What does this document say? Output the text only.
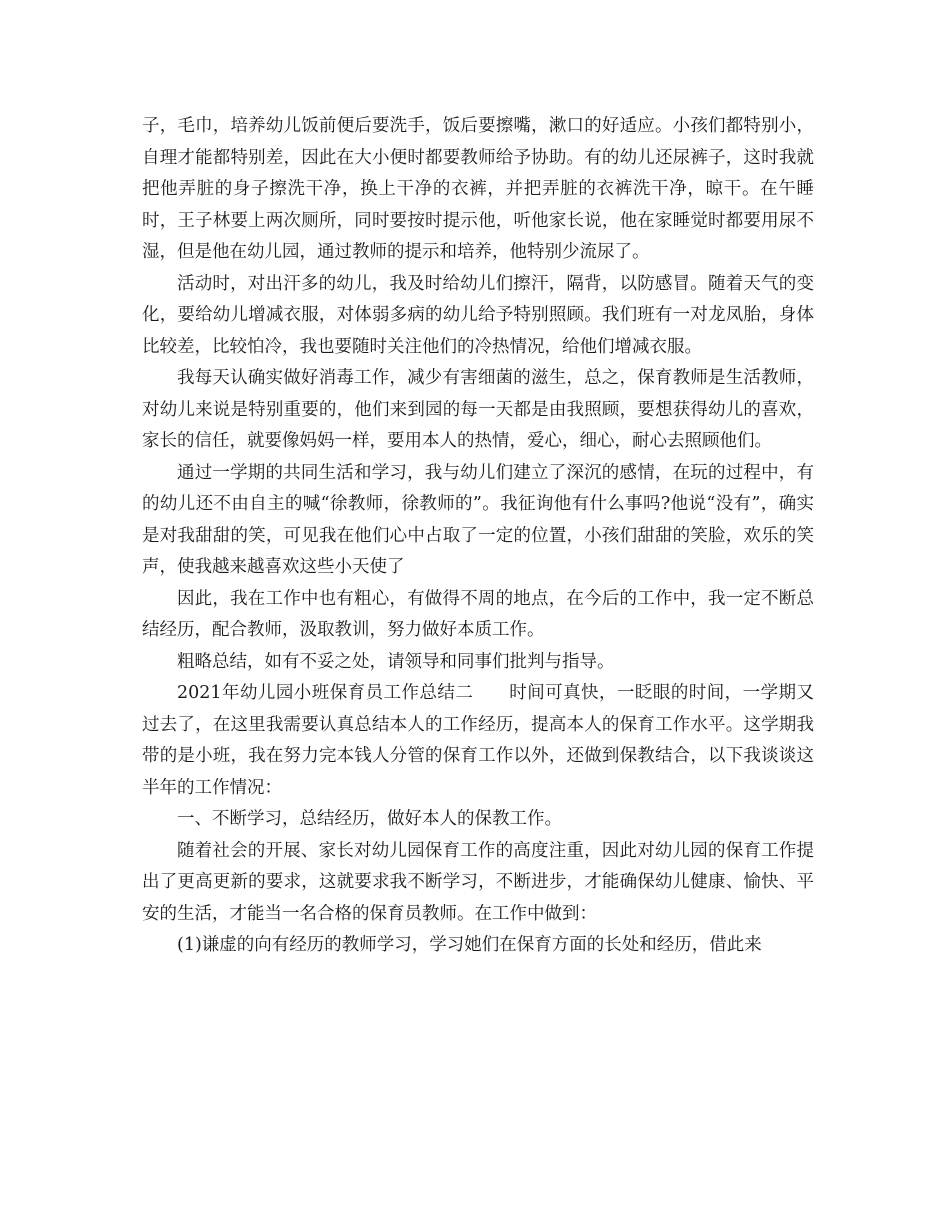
子，毛巾，培养幼儿饭前便后要洗手，饭后要擦嘴，漱口的好适应。小孩们都特别小，自理才能都特别差，因此在大小便时都要教师给予协助。有的幼儿还尿裤子，这时我就把他弄脏的身子擦洗干净，换上干净的衣裤，并把弄脏的衣裤洗干净，晾干。在午睡时，王子林要上两次厕所，同时要按时提示他，听他家长说，他在家睡觉时都要用尿不湿，但是他在幼儿园，通过教师的提示和培养，他特别少流尿了。

活动时，对出汗多的幼儿，我及时给幼儿们擦汗，隔背，以防感冒。随着天气的变化，要给幼儿增减衣服，对体弱多病的幼儿给予特别照顾。我们班有一对龙凤胎，身体比较差，比较怕冷，我也要随时关注他们的冷热情况，给他们增减衣服。

我每天认确实做好消毒工作，减少有害细菌的滋生，总之，保育教师是生活教师，对幼儿来说是特别重要的，他们来到园的每一天都是由我照顾，要想获得幼儿的喜欢，家长的信任，就要像妈妈一样，要用本人的热情，爱心，细心，耐心去照顾他们。

通过一学期的共同生活和学习，我与幼儿们建立了深沉的感情，在玩的过程中，有的幼儿还不由自主的喊“徐教师，徐教师的”。我征询他有什么事吗?他说“没有”，确实是对我甜甜的笑，可见我在他们心中占取了一定的位置，小孩们甜甜的笑脸，欢乐的笑声，使我越来越喜欢这些小天使了

因此，我在工作中也有粗心，有做得不周的地点，在今后的工作中，我一定不断总结经历，配合教师，汲取教训，努力做好本质工作。

粗略总结，如有不妥之处，请领导和同事们批判与指导。

2021年幼儿园小班保育员工作总结二　　时间可真快，一眨眼的时间，一学期又过去了，在这里我需要认真总结本人的工作经历，提高本人的保育工作水平。这学期我带的是小班，我在努力完本钱人分管的保育工作以外，还做到保教结合，以下我谈谈这半年的工作情况：

一、不断学习，总结经历，做好本人的保教工作。

随着社会的开展、家长对幼儿园保育工作的高度注重，因此对幼儿园的保育工作提出了更高更新的要求，这就要求我不断学习，不断进步，才能确保幼儿健康、愉快、平安的生活，才能当一名合格的保育员教师。在工作中做到：

(1)谦虚的向有经历的教师学习，学习她们在保育方面的长处和经历，借此来
